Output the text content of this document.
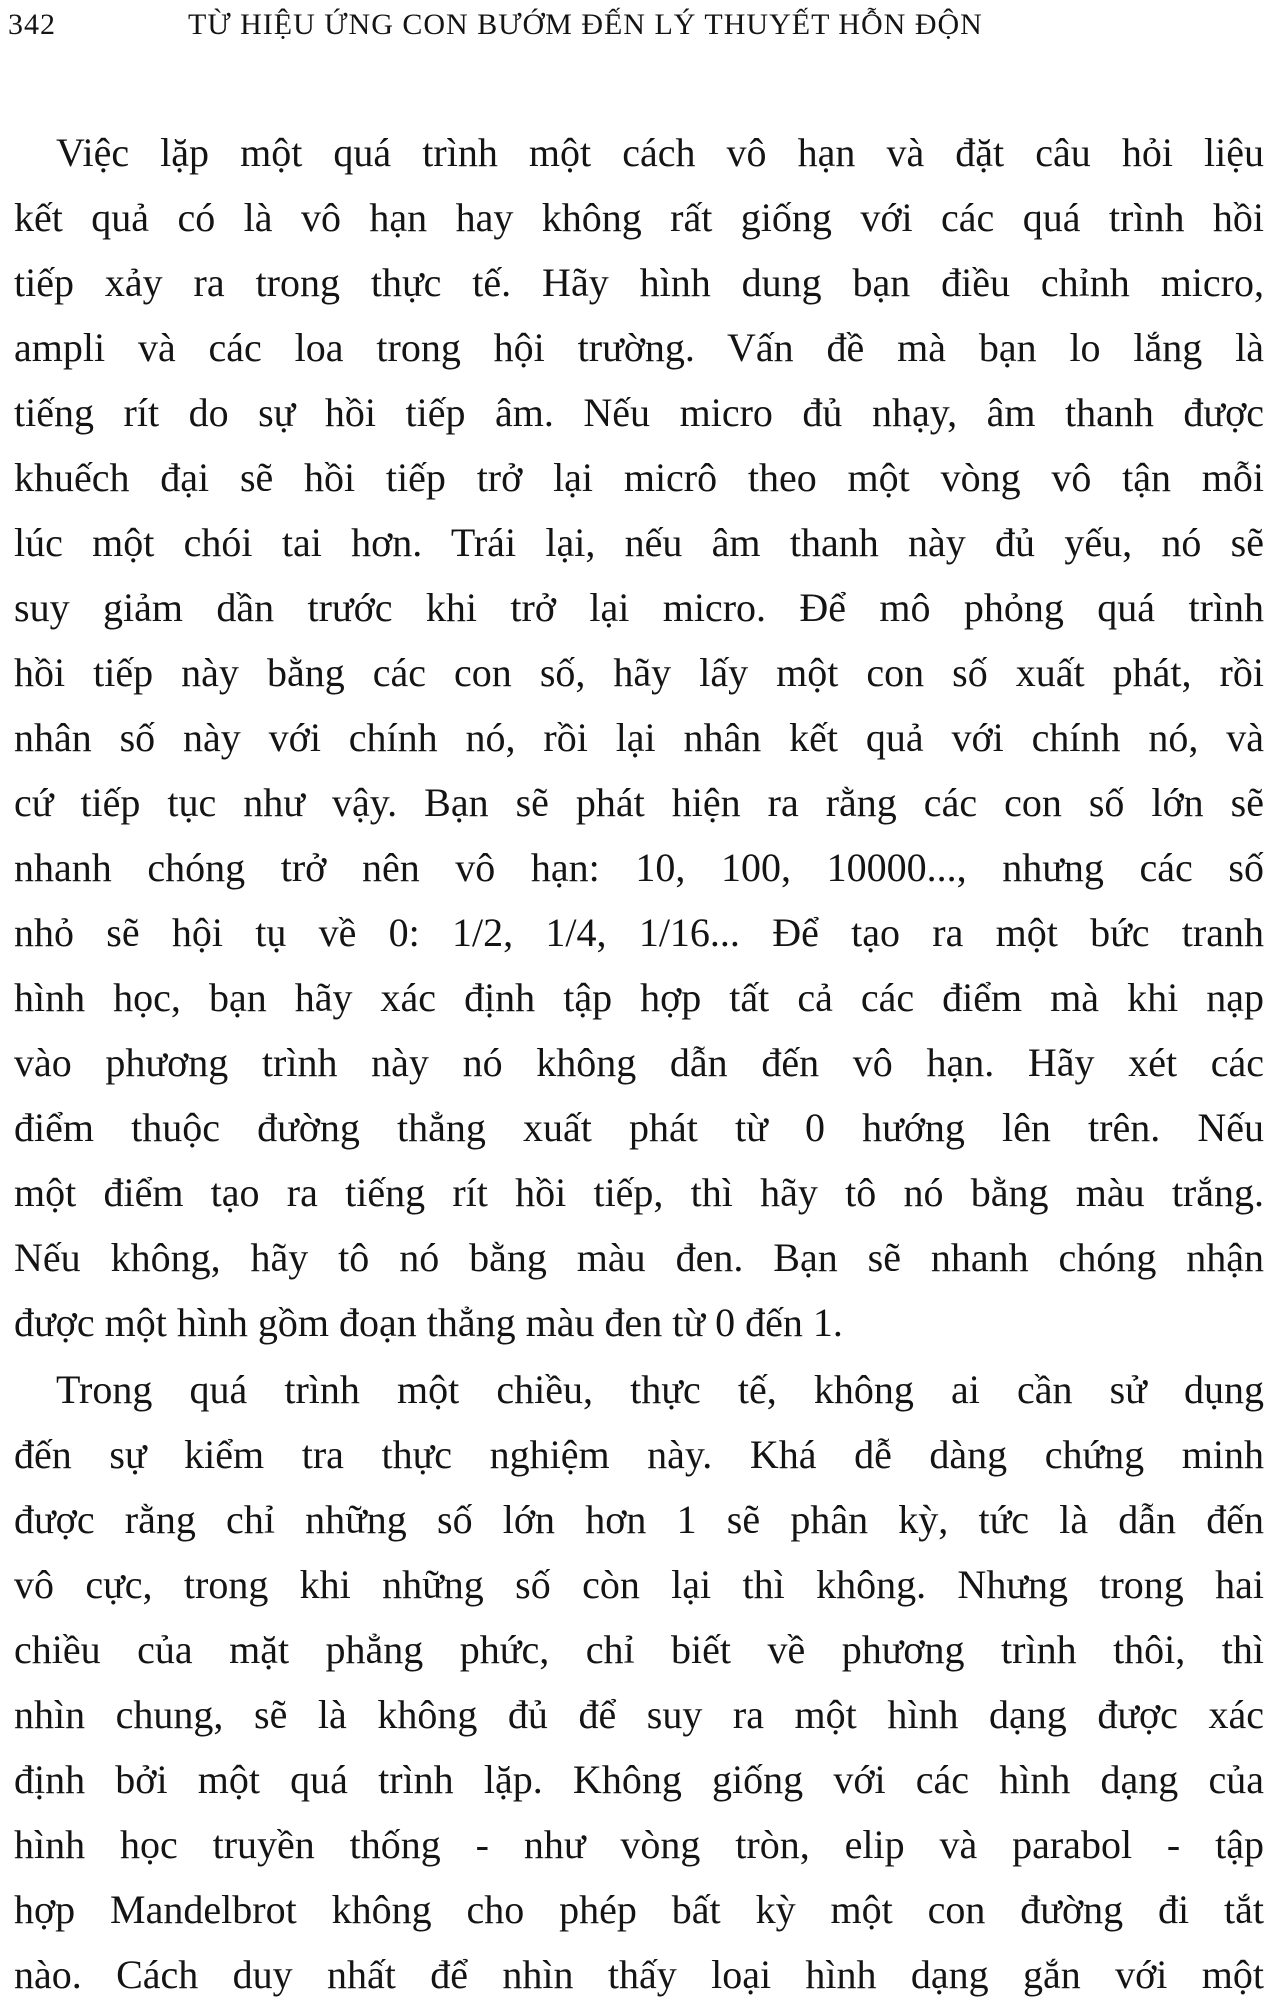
342	TỪ HIỆU ỨNG CON BƯỚM ĐẾN LÝ THUYẾT HỖN ĐỘN

Việc lặp một quá trình một cách vô hạn và đặt câu hỏi liệu
kết quả có là vô hạn hay không rất giống với các quá trình hồi
tiếp xảy ra trong thực tế. Hãy hình dung bạn điều chỉnh micro,
ampli và các loa trong hội trường. Vấn đề mà bạn lo lắng là
tiếng rít do sự hồi tiếp âm. Nếu micro đủ nhạy, âm thanh được
khuếch đại sẽ hồi tiếp trở lại micrô theo một vòng vô tận mỗi
lúc một chói tai hơn. Trái lại, nếu âm thanh này đủ yếu, nó sẽ
suy giảm dần trước khi trở lại micro. Để mô phỏng quá trình
hồi tiếp này bằng các con số, hãy lấy một con số xuất phát, rồi
nhân số này với chính nó, rồi lại nhân kết quả với chính nó, và
cứ tiếp tục như vậy. Bạn sẽ phát hiện ra rằng các con số lớn sẽ
nhanh chóng trở nên vô hạn: 10, 100, 10000..., nhưng các số
nhỏ sẽ hội tụ về 0: 1/2, 1/4, 1/16... Để tạo ra một bức tranh
hình học, bạn hãy xác định tập hợp tất cả các điểm mà khi nạp
vào phương trình này nó không dẫn đến vô hạn. Hãy xét các
điểm thuộc đường thẳng xuất phát từ 0 hướng lên trên. Nếu
một điểm tạo ra tiếng rít hồi tiếp, thì hãy tô nó bằng màu trắng.
Nếu không, hãy tô nó bằng màu đen. Bạn sẽ nhanh chóng nhận
được một hình gồm đoạn thẳng màu đen từ 0 đến 1.

Trong quá trình một chiều, thực tế, không ai cần sử dụng
đến sự kiểm tra thực nghiệm này. Khá dễ dàng chứng minh
được rằng chỉ những số lớn hơn 1 sẽ phân kỳ, tức là dẫn đến
vô cực, trong khi những số còn lại thì không. Nhưng trong hai
chiều của mặt phẳng phức, chỉ biết về phương trình thôi, thì
nhìn chung, sẽ là không đủ để suy ra một hình dạng được xác
định bởi một quá trình lặp. Không giống với các hình dạng của
hình học truyền thống - như vòng tròn, elip và parabol - tập
hợp Mandelbrot không cho phép bất kỳ một con đường đi tắt
nào. Cách duy nhất để nhìn thấy loại hình dạng gắn với một
